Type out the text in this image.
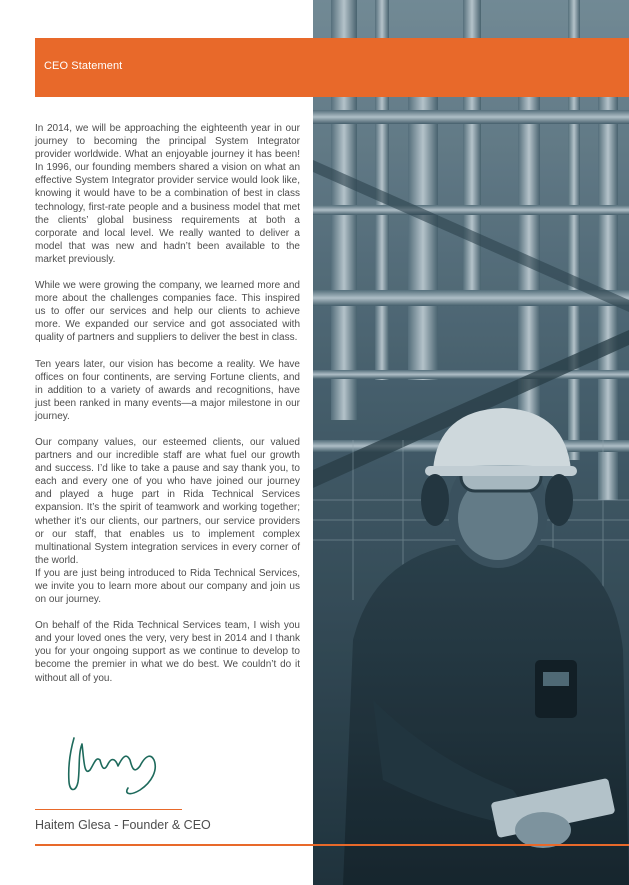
CEO Statement

In 2014, we will be approaching the eighteenth year in our journey to becoming the principal System Integrator provider worldwide. What an enjoyable journey it has been! In 1996, our founding members shared a vision on what an effective System Integrator provider service would look like, knowing it would have to be a combination of best in class technology, first-rate people and a business model that met the clients’ global business requirements at both a corporate and local level. We really wanted to deliver a model that was new and hadn’t been available to the market previously.

While we were growing the company, we learned more and more about the challenges companies face. This inspired us to offer our services and help our clients to achieve more. We expanded our service and got associated with quality of partners and suppliers to deliver the best in class.

Ten years later, our vision has become a reality. We have offices on four continents, are serving Fortune clients, and in addition to a variety of awards and recognitions, have just been ranked in many events—a major milestone in our journey.

Our company values, our esteemed clients, our valued partners and our incredible staff are what fuel our growth and success. I’d like to take a pause and say thank you, to each and every one of you who have joined our journey and played a huge part in Rida Technical Services expansion. It’s the spirit of teamwork and working together; whether it’s our clients, our partners, our service providers or our staff, that enables us to implement complex multinational System integration services in every corner of the world.

If you are just being introduced to Rida Technical Services, we invite you to learn more about our company and join us on our journey.

On behalf of the Rida Technical Services team, I wish you and your loved ones the very, very best in 2014 and I thank you for your ongoing support as we continue to develop to become the premier in what we do best. We couldn’t do it without all of you.

Haitem Glesa - Founder & CEO
